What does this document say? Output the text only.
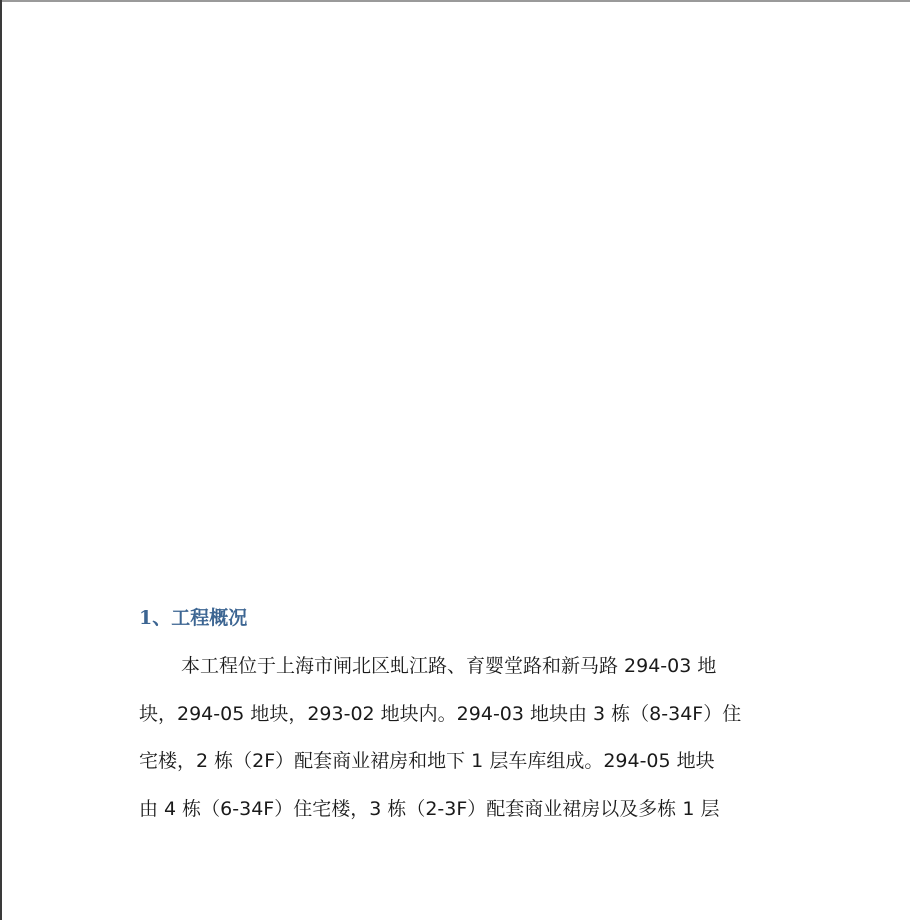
1、工程概况
本工程位于上海市闸北区虬江路、育婴堂路和新马路 294-03 地
块，294-05 地块，293-02 地块内。294-03 地块由 3 栋（8-34F）住
宅楼，2 栋（2F）配套商业裙房和地下 1 层车库组成。294-05 地块
由 4 栋（6-34F）住宅楼，3 栋（2-3F）配套商业裙房以及多栋 1 层
